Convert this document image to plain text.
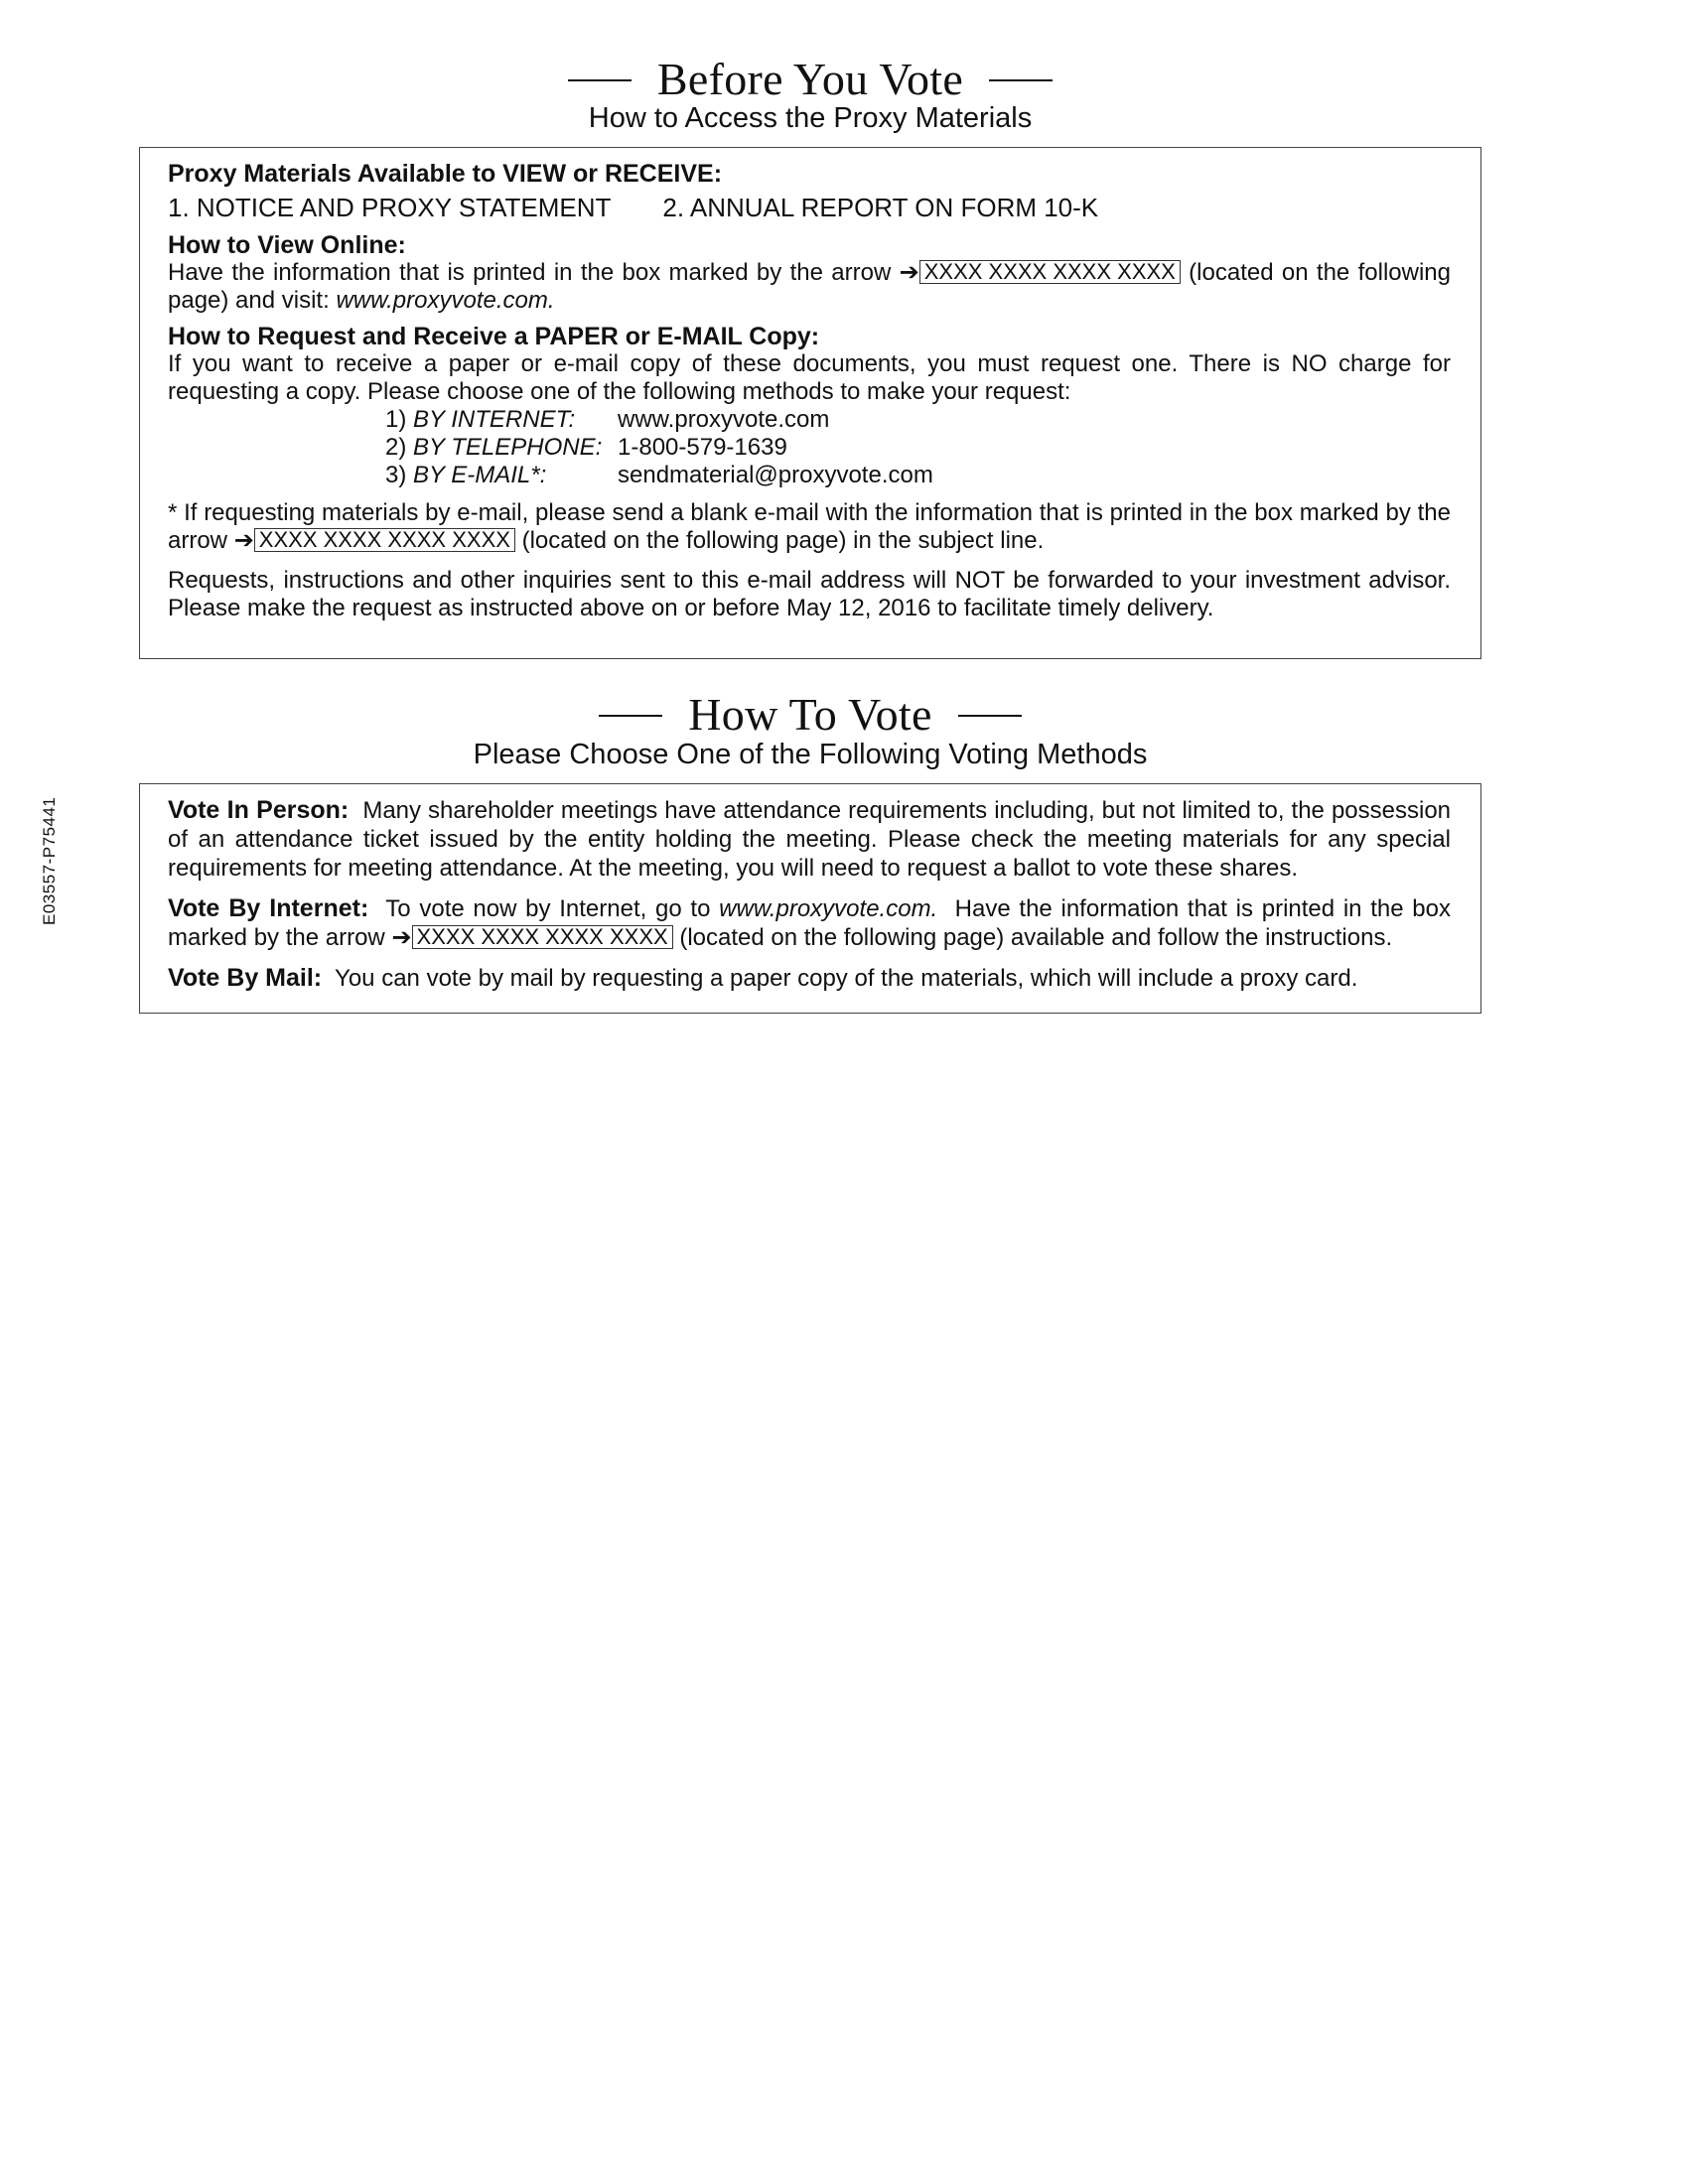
Before You Vote
How to Access the Proxy Materials
Proxy Materials Available to VIEW or RECEIVE:
1. NOTICE AND PROXY STATEMENT 2. ANNUAL REPORT ON FORM 10-K
How to View Online:
Have the information that is printed in the box marked by the arrow ➔ XXXX XXXX XXXX XXXX (located on the following page) and visit: www.proxyvote.com.
How to Request and Receive a PAPER or E-MAIL Copy:
If you want to receive a paper or e-mail copy of these documents, you must request one. There is NO charge for requesting a copy. Please choose one of the following methods to make your request:
1) BY INTERNET:	www.proxyvote.com
2) BY TELEPHONE: 1-800-579-1639
3) BY E-MAIL*:	sendmaterial@proxyvote.com
* If requesting materials by e-mail, please send a blank e-mail with the information that is printed in the box marked by the arrow ➔ XXXX XXXX XXXX XXXX (located on the following page) in the subject line.
Requests, instructions and other inquiries sent to this e-mail address will NOT be forwarded to your investment advisor. Please make the request as instructed above on or before May 12, 2016 to facilitate timely delivery.
How To Vote
Please Choose One of the Following Voting Methods
Vote In Person: Many shareholder meetings have attendance requirements including, but not limited to, the possession of an attendance ticket issued by the entity holding the meeting. Please check the meeting materials for any special requirements for meeting attendance. At the meeting, you will need to request a ballot to vote these shares.
Vote By Internet: To vote now by Internet, go to www.proxyvote.com. Have the information that is printed in the box marked by the arrow ➔ XXXX XXXX XXXX XXXX (located on the following page) available and follow the instructions.
Vote By Mail: You can vote by mail by requesting a paper copy of the materials, which will include a proxy card.
E03557-P75441
